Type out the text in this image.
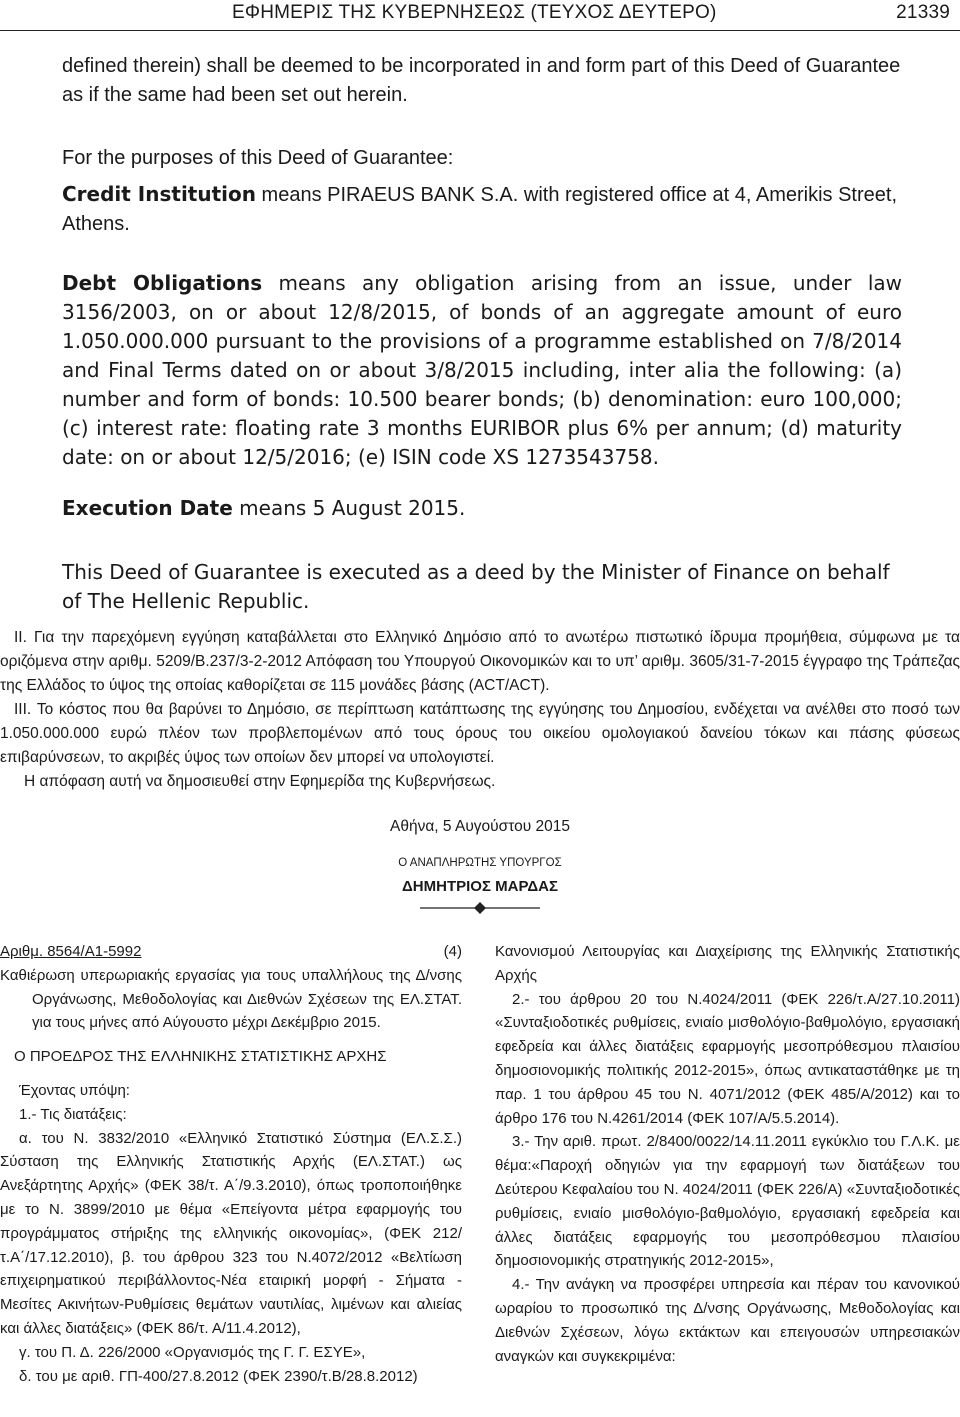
ΕΦΗΜΕΡΙΣ ΤΗΣ ΚΥΒΕΡΝΗΣΕΩΣ (ΤΕΥΧΟΣ ΔΕΥΤΕΡΟ)	21339
defined therein) shall be deemed to be incorporated in and form part of this Deed of Guarantee as if the same had been set out herein.
For the purposes of this Deed of Guarantee:
Credit Institution means PIRAEUS BANK S.A. with registered office at 4, Amerikis Street, Athens.
Debt Obligations means any obligation arising from an issue, under law 3156/2003, on or about 12/8/2015, of bonds of an aggregate amount of euro 1.050.000.000 pursuant to the provisions of a programme established on 7/8/2014 and Final Terms dated on or about 3/8/2015 including, inter alia the following: (a) number and form of bonds: 10.500 bearer bonds; (b) denomination: euro 100,000; (c) interest rate: floating rate 3 months EURIBOR plus 6% per annum; (d) maturity date: on or about 12/5/2016; (e) ISIN code XS 1273543758.
Execution Date means 5 August 2015.
This Deed of Guarantee is executed as a deed by the Minister of Finance on behalf of The Hellenic Republic.

II. Για την παρεχόμενη εγγύηση καταβάλλεται στο Ελληνικό Δημόσιο από το ανωτέρω πιστωτικό ίδρυμα προμήθεια, σύμφωνα με τα οριζόμενα στην αριθμ. 5209/Β.237/3-2-2012 Απόφαση του Υπουργού Οικονομικών και το υπ’ αριθμ. 3605/31-7-2015 έγγραφο της Τράπεζας της Ελλάδος το ύψος της οποίας καθορίζεται σε 115 μονάδες βάσης (ACT/ACT).

III. Το κόστος που θα βαρύνει το Δημόσιο, σε περίπτωση κατάπτωσης της εγγύησης του Δημοσίου, ενδέχεται να ανέλθει στο ποσό των 1.050.000.000 ευρώ πλέον των προβλεπομένων από τους όρους του οικείου ομολογιακού δανείου τόκων και πάσης φύσεως επιβαρύνσεων, το ακριβές ύψος των οποίων δεν μπορεί να υπολογιστεί.

Η απόφαση αυτή να δημοσιευθεί στην Εφημερίδα της Κυβερνήσεως.

Αθήνα, 5 Αυγούστου 2015
Ο ΑΝΑΠΛΗΡΩΤΗΣ ΥΠΟΥΡΓΟΣ
ΔΗΜΗΤΡΙΟΣ ΜΑΡΔΑΣ

Αριθμ. 8564/Α1-5992	(4)

Καθιέρωση υπερωριακής εργασίας για τους υπαλλήλους της Δ/νσης Οργάνωσης, Μεθοδολογίας και Διεθνών Σχέσεων της ΕΛ.ΣΤΑΤ. για τους μήνες από Αύγουστο μέχρι Δεκέμβριο 2015.

Ο ΠΡΟΕΔΡΟΣ ΤΗΣ ΕΛΛΗΝΙΚΗΣ ΣΤΑΤΙΣΤΙΚΗΣ ΑΡΧΗΣ

Έχοντας υπόψη:

1.- Τις διατάξεις:

α. του Ν. 3832/2010 «Ελληνικό Στατιστικό Σύστημα (ΕΛ.Σ.Σ.) Σύσταση της Ελληνικής Στατιστικής Αρχής (ΕΛ.ΣΤΑΤ.) ως Ανεξάρτητης Αρχής» (ΦΕΚ 38/τ. Α΄/9.3.2010), όπως τροποποιήθηκε με το Ν. 3899/2010 με θέμα «Επείγοντα μέτρα εφαρμογής του προγράμματος στήριξης της ελληνικής οικονομίας», (ΦΕΚ 212/τ.Α΄/17.12.2010), β. του άρθρου 323 του Ν.4072/2012 «Βελτίωση επιχειρηματικού περιβάλλοντος-Νέα εταιρική μορφή - Σήματα - Μεσίτες Ακινήτων-Ρυθμίσεις θεμάτων ναυτιλίας, λιμένων και αλιείας και άλλες διατάξεις» (ΦΕΚ 86/τ. Α/11.4.2012),

γ. του Π. Δ. 226/2000 «Οργανισμός της Γ. Γ. ΕΣΥΕ»,

δ. του με αριθ. ΓΠ-400/27.8.2012 (ΦΕΚ 2390/τ.Β/28.8.2012)

Κανονισμού Λειτουργίας και Διαχείρισης της Ελληνικής Στατιστικής Αρχής

2.- του άρθρου 20 του Ν.4024/2011 (ΦΕΚ 226/τ.Α/27.10.2011) «Συνταξιοδοτικές ρυθμίσεις, ενιαίο μισθολόγιο-βαθμολόγιο, εργασιακή εφεδρεία και άλλες διατάξεις εφαρμογής μεσοπρόθεσμου πλαισίου δημοσιονομικής πολιτικής 2012-2015», όπως αντικαταστάθηκε με τη παρ. 1 του άρθρου 45 του Ν. 4071/2012 (ΦΕΚ 485/Α/2012) και το άρθρο 176 του Ν.4261/2014 (ΦΕΚ 107/Α/5.5.2014).

3.- Την αριθ. πρωτ. 2/8400/0022/14.11.2011 εγκύκλιο του Γ.Λ.Κ. με θέμα:«Παροχή οδηγιών για την εφαρμογή των διατάξεων του Δεύτερου Κεφαλαίου του Ν. 4024/2011 (ΦΕΚ 226/Α) «Συνταξιοδοτικές ρυθμίσεις, ενιαίο μισθολόγιο-βαθμολόγιο, εργασιακή εφεδρεία και άλλες διατάξεις εφαρμογής του μεσοπρόθεσμου πλαισίου δημοσιονομικής στρατηγικής 2012-2015»,

4.- Την ανάγκη να προσφέρει υπηρεσία και πέραν του κανονικού ωραρίου το προσωπικό της Δ/νσης Οργάνωσης, Μεθοδολογίας και Διεθνών Σχέσεων, λόγω εκτάκτων και επειγουσών υπηρεσιακών αναγκών και συγκεκριμένα:
